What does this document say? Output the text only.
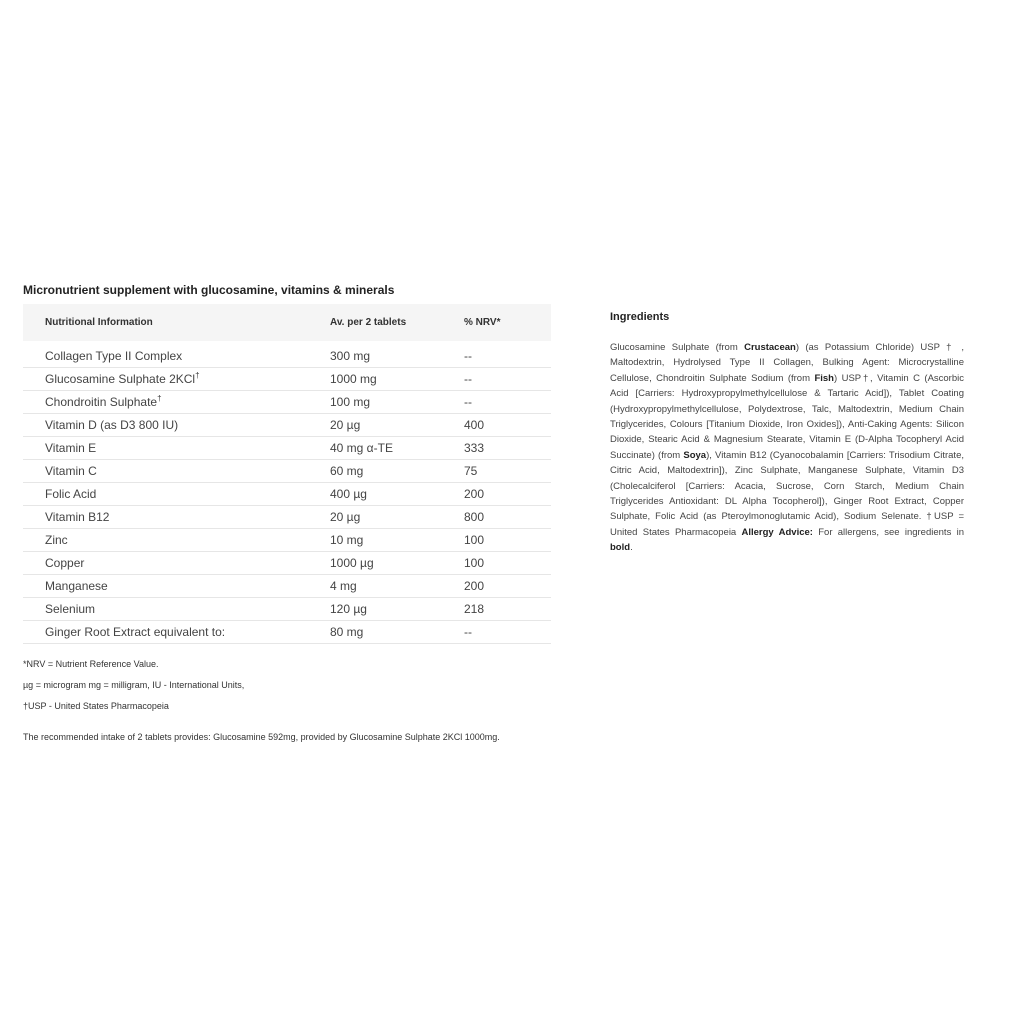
Micronutrient supplement with glucosamine, vitamins & minerals
Nutritional Information	Av. per 2 tablets	% NRV*

Collagen Type II Complex	300 mg	--
Glucosamine Sulphate 2KCl†	1000 mg	--
Chondroitin Sulphate†	100 mg	--
Vitamin D (as D3 800 IU)	20 µg	400
Vitamin E	40 mg α-TE	333
Vitamin C	60 mg	75
Folic Acid	400 µg	200
Vitamin B12	20 µg	800
Zinc	10 mg	100
Copper	1000 µg	100
Manganese	4 mg	200
Selenium	120 µg	218
Ginger Root Extract equivalent to:	80 mg	--

*NRV = Nutrient Reference Value.

µg = microgram mg = milligram, IU - International Units,

†USP - United States Pharmacopeia

The recommended intake of 2 tablets provides: Glucosamine 592mg, provided by Glucosamine Sulphate 2KCl 1000mg.

Ingredients

Glucosamine Sulphate (from Crustacean) (as Potassium Chloride) USP † , Maltodextrin, Hydrolysed Type II Collagen, Bulking Agent: Microcrystalline Cellulose, Chondroitin Sulphate Sodium (from Fish) USP†, Vitamin C (Ascorbic Acid [Carriers: Hydroxypropylmethylcellulose & Tartaric Acid]), Tablet Coating (Hydroxypropylmethylcellulose, Polydextrose, Talc, Maltodextrin, Medium Chain Triglycerides, Colours [Titanium Dioxide, Iron Oxides]), Anti-Caking Agents: Silicon Dioxide, Stearic Acid & Magnesium Stearate, Vitamin E (D-Alpha Tocopheryl Acid Succinate) (from Soya), Vitamin B12 (Cyanocobalamin [Carriers: Trisodium Citrate, Citric Acid, Maltodextrin]), Zinc Sulphate, Manganese Sulphate, Vitamin D3 (Cholecalciferol [Carriers: Acacia, Sucrose, Corn Starch, Medium Chain Triglycerides Antioxidant: DL Alpha Tocopherol]), Ginger Root Extract, Copper Sulphate, Folic Acid (as Pteroylmonoglutamic Acid), Sodium Selenate. †USP = United States Pharmacopeia Allergy Advice: For allergens, see ingredients in bold.
